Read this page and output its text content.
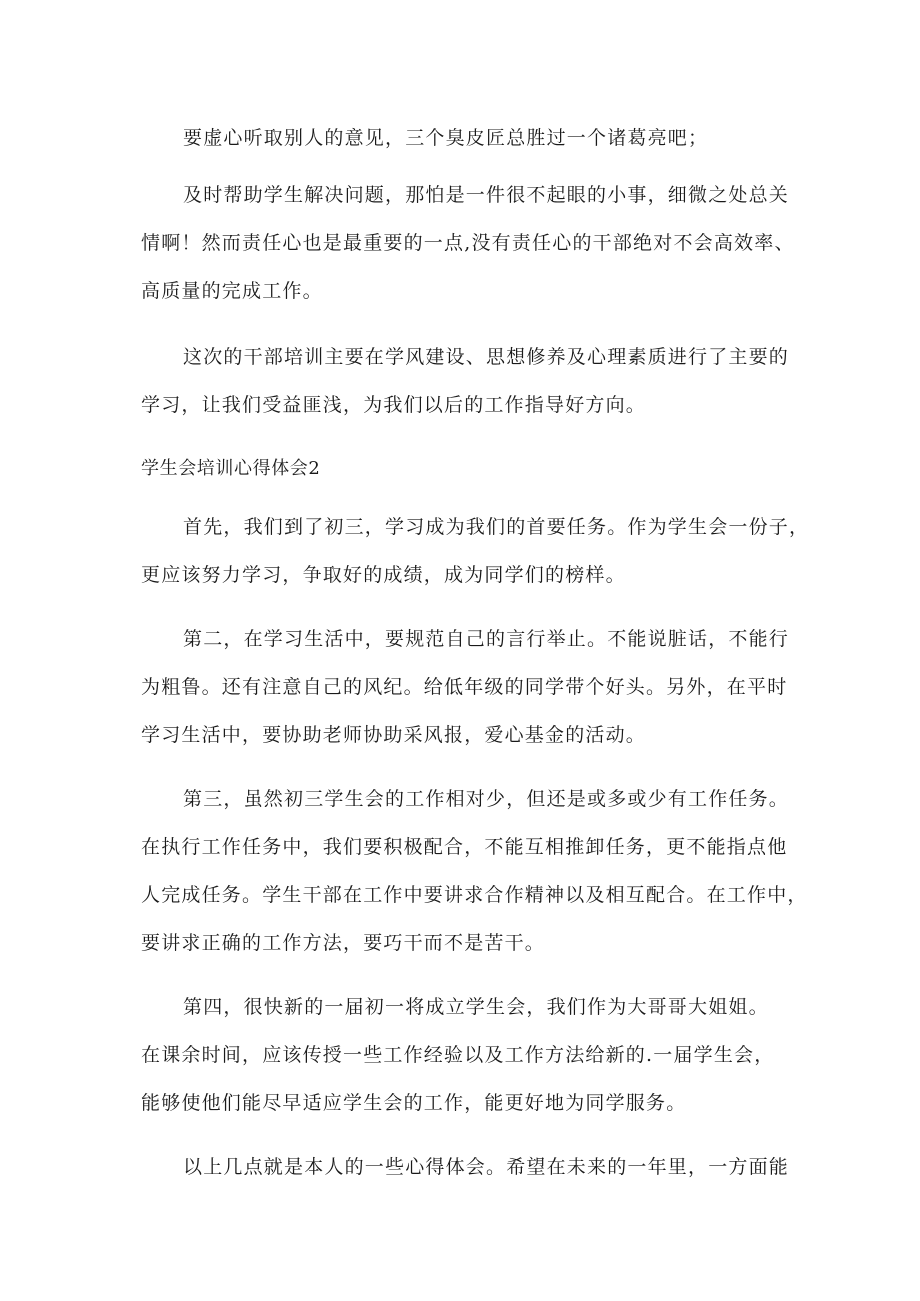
要虚心听取别人的意见，三个臭皮匠总胜过一个诸葛亮吧；
及时帮助学生解决问题，那怕是一件很不起眼的小事，细微之处总关
情啊！然而责任心也是最重要的一点,没有责任心的干部绝对不会高效率、
高质量的完成工作。
这次的干部培训主要在学风建设、思想修养及心理素质进行了主要的
学习，让我们受益匪浅，为我们以后的工作指导好方向。
学生会培训心得体会2
首先，我们到了初三，学习成为我们的首要任务。作为学生会一份子，
更应该努力学习，争取好的成绩，成为同学们的榜样。
第二，在学习生活中，要规范自己的言行举止。不能说脏话，不能行
为粗鲁。还有注意自己的风纪。给低年级的同学带个好头。另外，在平时
学习生活中，要协助老师协助采风报，爱心基金的活动。
第三，虽然初三学生会的工作相对少，但还是或多或少有工作任务。
在执行工作任务中，我们要积极配合，不能互相推卸任务，更不能指点他
人完成任务。学生干部在工作中要讲求合作精神以及相互配合。在工作中，
要讲求正确的工作方法，要巧干而不是苦干。
第四，很快新的一届初一将成立学生会，我们作为大哥哥大姐姐。
在课余时间，应该传授一些工作经验以及工作方法给新的.一届学生会，
能够使他们能尽早适应学生会的工作，能更好地为同学服务。
以上几点就是本人的一些心得体会。希望在未来的一年里，一方面能
